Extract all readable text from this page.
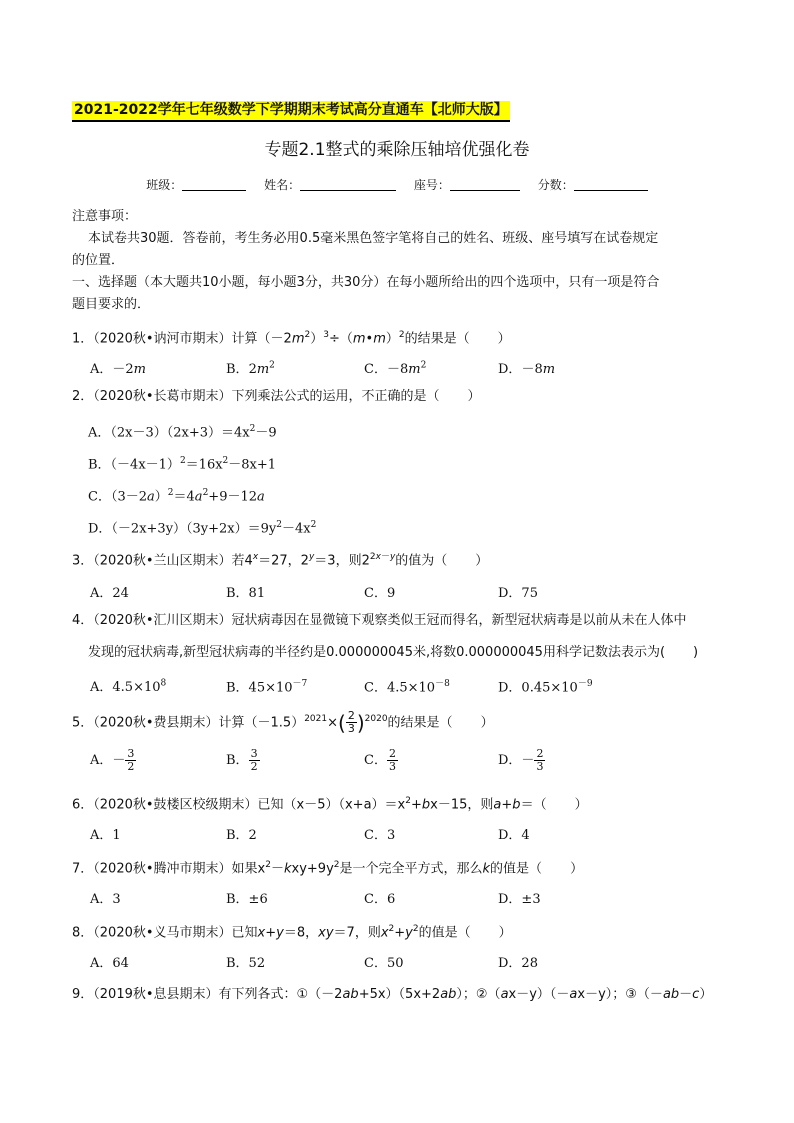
2021-2022学年七年级数学下学期期末考试高分直通车【北师大版】
专题2.1整式的乘除压轴培优强化卷
班级：	姓名：	座号：	分数：
注意事项：
本试卷共30题．答卷前，考生务必用0.5毫米黑色签字笔将自己的姓名、班级、座号填写在试卷规定
的位置．
一、选择题（本大题共10小题，每小题3分，共30分）在每小题所给出的四个选项中，只有一项是符合
题目要求的．
1．（2020秋•讷河市期末）计算$(-2m^2)^3\div(m•m)^2$的结果是（ ）
A．－2m	B．$2m^2$	C．$-8m^2$	D．－8m
2．（2020秋•长葛市期末）下列乘法公式的运用，不正确的是（ ）
A．$(2x-3)(2x+3)=4x^2-9$
B．$(-4x-1)^2=16x^2-8x+1$
C．$(3-2a)^2=4a^2+9-12a$
D．$(-2x+3y)(3y+2x)=9y^2-4x^2$
3．（2020秋•兰山区期末）若$4^x=27$，$2^y=3$，则$2^{2x-y}$的值为（ ）
A．24	B．81	C．9	D．75
4．（2020秋•汇川区期末）冠状病毒因在显微镜下观察类似王冠而得名，新型冠状病毒是以前从未在人体中
发现的冠状病毒,新型冠状病毒的半径约是0.000000045米,将数0.000000045用科学记数法表示为( )
A．$4.5\times 10^8$	B．$45\times 10^{-7}$	C．$4.5\times 10^{-8}$	D．$0.45\times 10^{-9}$
5．（2020秋•费县期末）计算$(-1.5)^{2021}\times( \frac{2}{3} )^{2020}$的结果是（ ）
A．－ $\frac{3}{2}$	B． $\frac{3}{2}$	C． $\frac{2}{3}$	D．－ $\frac{2}{3}$
6．（2020秋•鼓楼区校级期末）已知$(x-5)(x+a)=x^2+bx-15$，则a+b＝（ ）
A．1	B．2	C．3	D．4
7．（2020秋•腾冲市期末）如果$x^2-kxy+9y^2$是一个完全平方式，那么k的值是（ ）
A．3	B．±6	C．6	D．±3
8．（2020秋•义马市期末）已知x+y＝8，xy＝7，则$x^2+y^2$的值是（ ）
A．64	B．52	C．50	D．28
9．（2019秋•息县期末）有下列各式：①（－2ab+5x）（5x+2ab）；②（ax－y）（－ax－y）；③（－ab－c）
